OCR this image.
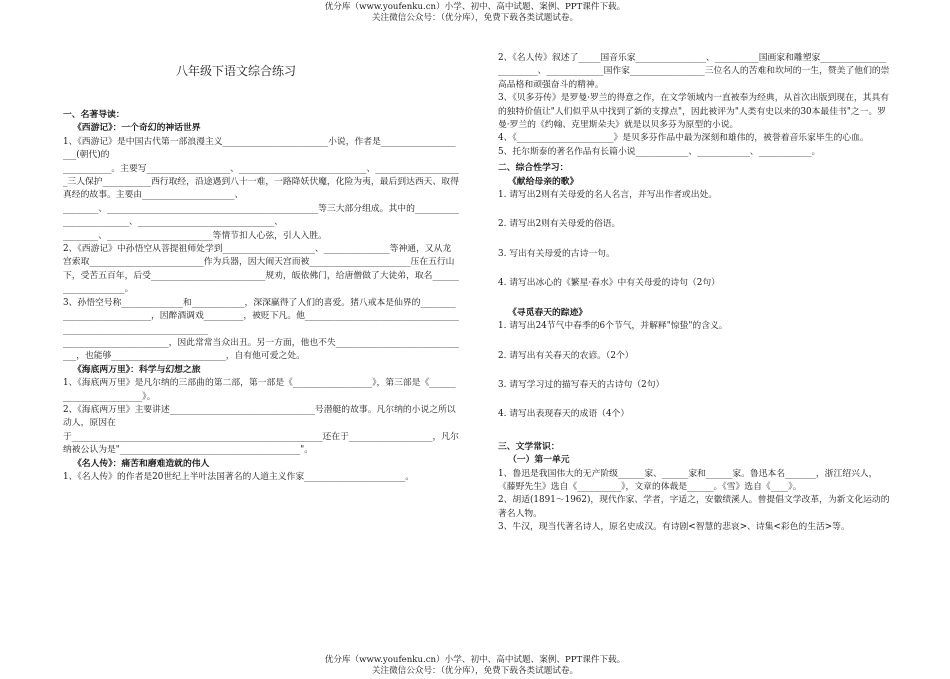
优分库（www.youfenku.cn）小学、初中、高中试题、案例、PPT课件下载。
关注微信公众号：（优分库），免费下载各类试题试卷。
八年级下语文综合练习
一、名著导读：
《西游记》：一个奇幻的神话世界
1、《西游记》是中国古代第一部浪漫主义________________________小说，作者是____________________(朝代)的
___________。主要写___________________、_____________________________、____________________三人保护___________西行取经，沿途遇到八十一难，一路降妖伏魔，化险为夷，最后到达西天、取得真经的故事。主要由_____________________、
________、________________________________________________等三大部分组成。其中的_________________________、_______________________________、
________、________________________等情节扣人心弦，引人入胜。
2、《西游记》中孙悟空从菩提祖师处学到_____________________、_______________等神通，又从龙宫索取__________________________作为兵器，因大闹天宫而被_______________________压在五行山下，受苦五百年，后受__________________________规劝，皈依佛门，给唐僧做了大徒弟，取名____________________。
3、孙悟空号称______________和____________，深深赢得了人们的喜爱。猪八戒本是仙界的____________________________，因醉酒调戏_________，被贬下凡。他____________________________________________________________________
________________________，因此常常当众出丑。另一方面，他也不失_______________________________，也能够__________________________，自有他可爱之处。
《海底两万里》：科学与幻想之旅
1、《海底两万里》是凡尔纳的三部曲的第二部，第一部是《__________________》，第三部是《________________________》。
2、《海底两万里》主要讲述_________________________________号潜艇的故事。凡尔纳的小说之所以动人，原因在
于_________________________________________________________还在于___________________，凡尔纳被公认为是"_________________________________________"。
《名人传》：痛苦和磨难造就的伟人
1、《名人传》的作者是20世纪上半叶法国著名的人道主义作家_______________________。
2、《名人传》叙述了_____国音乐家________________、__________国画家和雕塑家________________________、_____________国作家_________________三位名人的苦难和坎坷的一生，赞美了他们的崇高品格和顽强奋斗的精神。
3、《贝多芬传》是罗曼·罗兰的得意之作，在文学领域内一直被奉为经典，从首次出版到现在，其具有的独特价值让"人们似乎从中找到了新的支撑点"，因此被评为"人类有史以来的30本最佳书"之一。罗曼·罗兰的《约翰、克里斯朵夫》就是以贝多芬为原型的小说。
4、《______________________》是贝多芬作品中最为深刻和雄伟的，被誉着音乐家毕生的心血。
5、托尔斯泰的著名作品有长篇小说____________、____________、____________。
二、综合性学习：
《献给母亲的歌》
1. 请写出2则有关母爱的名人名言，并写出作者或出处。
2. 请写出2则有关母爱的俗语。
3. 写出有关母爱的古诗一句。
4. 请写出冰心的《繁星·春水》中有关母爱的诗句（2句）
《寻觅春天的踪迹》
1. 请写出24节气中春季的6个节气，并解释"惊蛰"的含义。
2. 请写出有关春天的农谚。（2个）
3. 请写学习过的描写春天的古诗句（2句）
4. 请写出表现春天的成语（4个）
三、文学常识：
（一）第一单元
1、鲁迅是我国伟大的无产阶级______家、______家和______家。鲁迅本名_______，浙江绍兴人，《藤野先生》选自《__________》，文章的体裁是______。《雪》选自《____》。
2、胡适(1891～1962)，现代作家、学者，字适之，安徽绩溪人。曾提倡文学改革，为新文化运动的著名人物。
3、牛汉，现当代著名诗人，原名史成汉。有诗剧<智慧的悲哀>、诗集<彩色的生活>等。
优分库（www.youfenku.cn）小学、初中、高中试题、案例、PPT课件下载。
关注微信公众号：（优分库），免费下载各类试题试卷。
